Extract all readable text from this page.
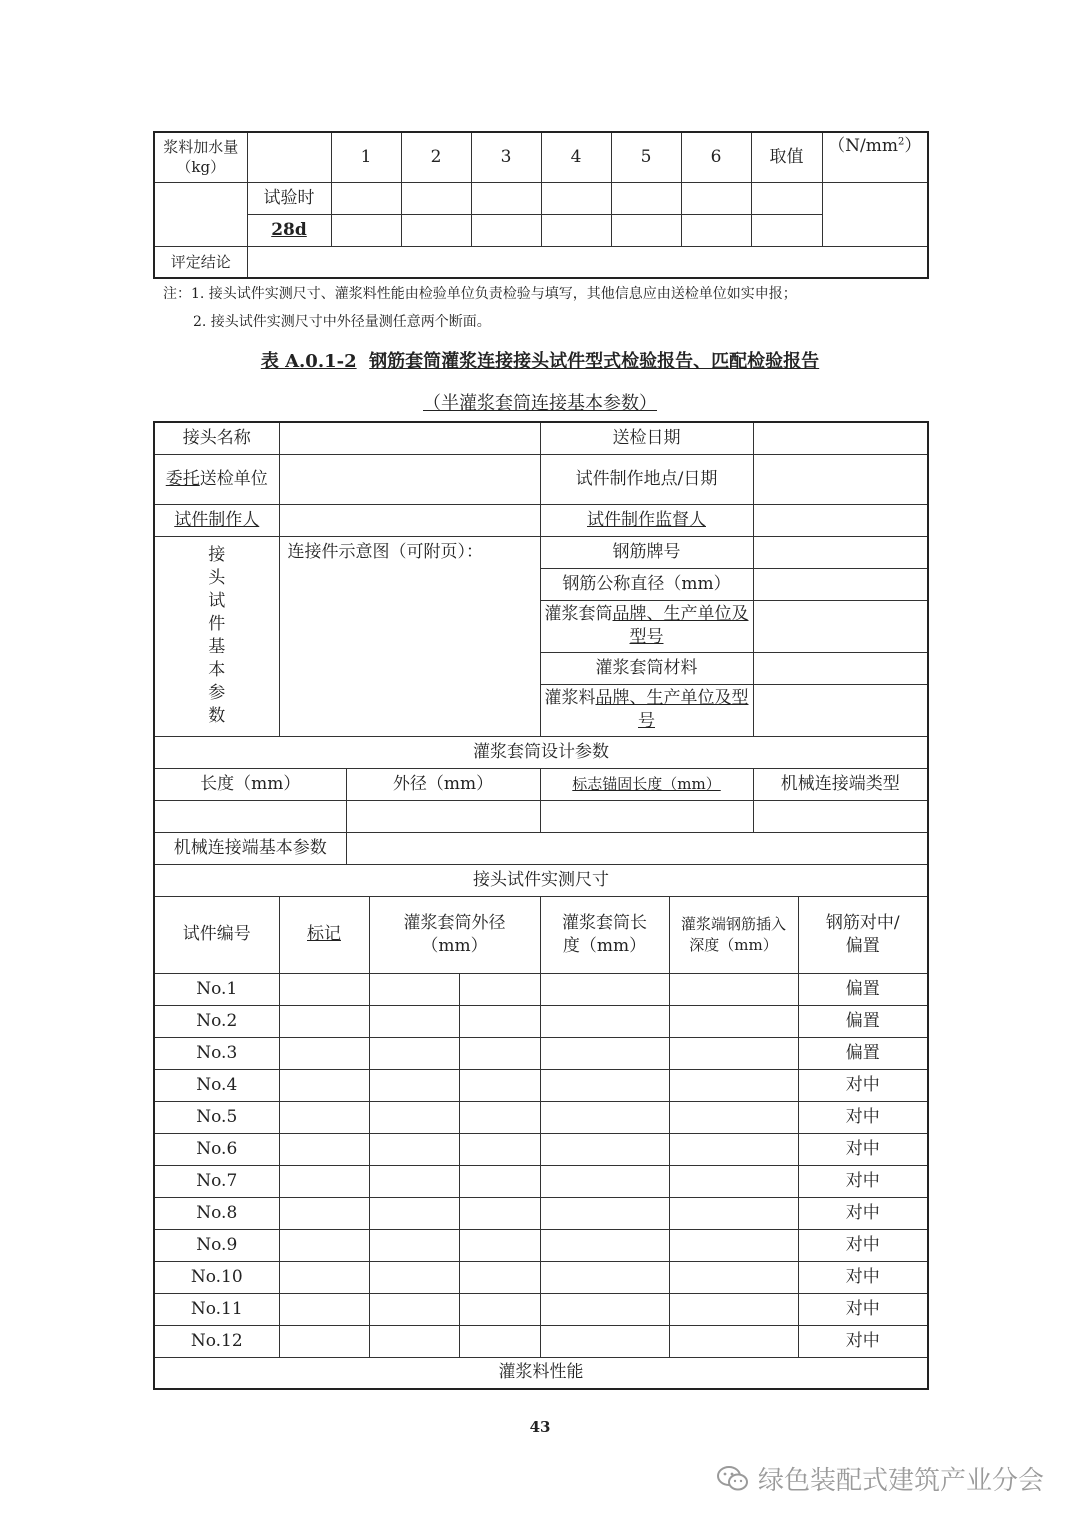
浆料加水量（kg）		1	2	3	4	5	6	取值	$(N/mm^2)$
	试验时								
	28d								
评定结论									
注：1. 接头试件实测尺寸、灌浆料性能由检验单位负责检验与填写，其他信息应由送检单位如实申报；
2. 接头试件实测尺寸中外径量测任意两个断面。
表 A.0.1-2 钢筋套筒灌浆连接接头试件型式检验报告、匹配检验报告
（半灌浆套筒连接基本参数）
接头名称					送检日期			
委托送检单位					试件制作地点/日期			
试件制作人					试件制作监督人			

接头试件基本参数	连接件示意图（可附页）：				钢筋牌号			
					钢筋公称直径（mm）			
					灌浆套筒品牌、生产单位及型号			
					灌浆套筒材料			
					灌浆料品牌、生产单位及型号			
灌浆套筒设计参数								
长度（mm）		外径（mm）			标志锚固长度（mm）		机械连接端类型	

机械连接端基本参数								
接头试件实测尺寸								
试件编号	标记		灌浆套筒外径（mm）		灌浆套筒长度（mm）	灌浆端钢筋插入深度（mm）		钢筋对中/偏置

No.1								偏置
No.2								偏置
No.3								偏置
No.4								对中
No.5								对中
No.6								对中
No.7								对中
No.8								对中
No.9								对中
No.10								对中
No.11								对中
No.12								对中
灌浆料性能								
43
绿色装配式建筑产业分会
